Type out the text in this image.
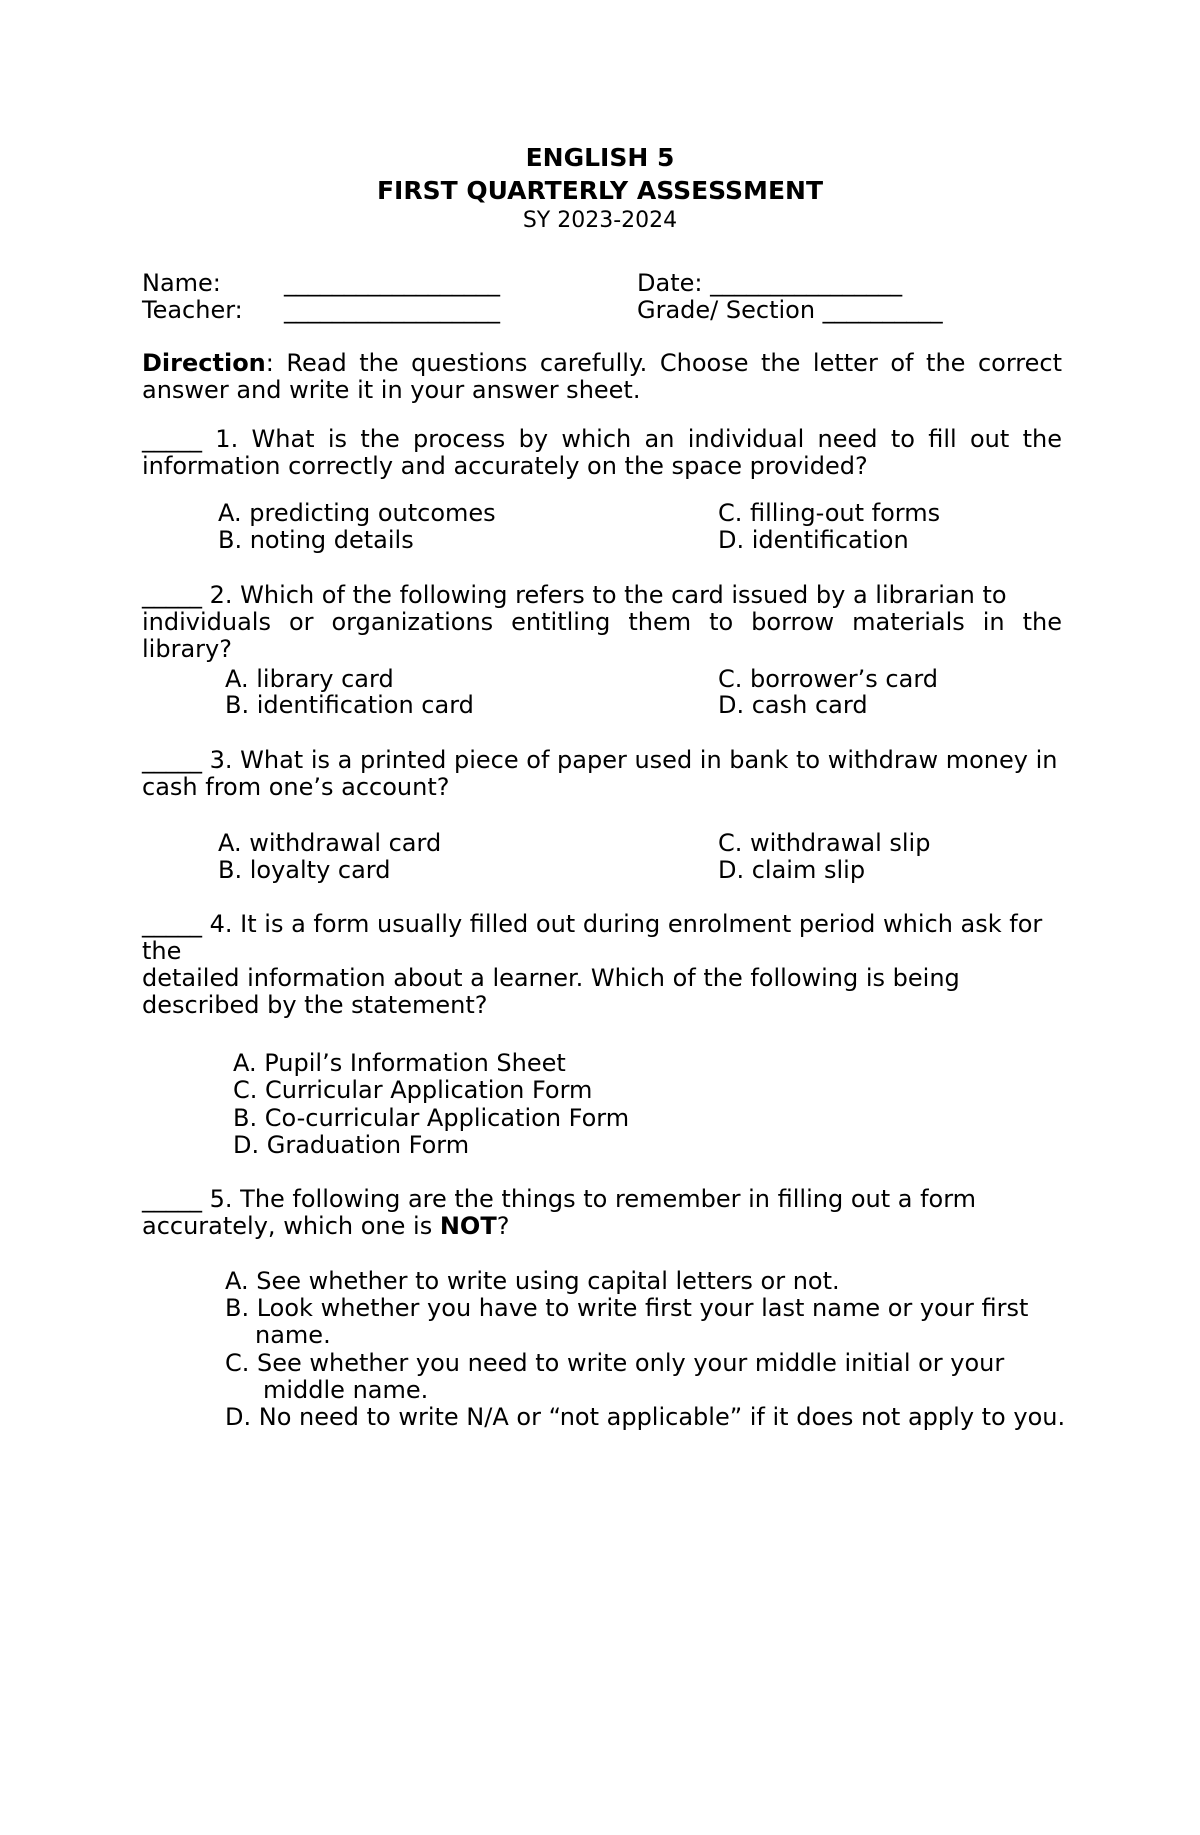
ENGLISH 5
FIRST QUARTERLY ASSESSMENT
SY 2023-2024
Name:	__________________	Date: ________________
Teacher: __________________	Grade/ Section __________

Direction: Read the questions carefully. Choose the letter of the correct

answer and write it in your answer sheet.

_____ 1. What is the process by which an individual need to fill out the

information correctly and accurately on the space provided?

A. predicting outcomes
B. noting details
C. filling-out forms
D. identification

_____ 2. Which of the following refers to the card issued by a librarian to

individuals or organizations entitling them to borrow materials in the library?

A. library card
B. identification card
C. borrower’s card
D. cash card

_____ 3. What is a printed piece of paper used in bank to withdraw money in

cash from one’s account?

A. withdrawal card
B. loyalty card
C. withdrawal slip
D. claim slip

_____ 4. It is a form usually filled out during enrolment period which ask for

the

detailed information about a learner. Which of the following is being

described by the statement?

A. Pupil’s Information Sheet
C. Curricular Application Form
B. Co-curricular Application Form
D. Graduation Form

_____ 5. The following are the things to remember in filling out a form

accurately, which one is NOT?

A. See whether to write using capital letters or not.
B. Look whether you have to write first your last name or your first name.
C. See whether you need to write only your middle initial or your middle name.
D. No need to write N/A or “not applicable” if it does not apply to you.
